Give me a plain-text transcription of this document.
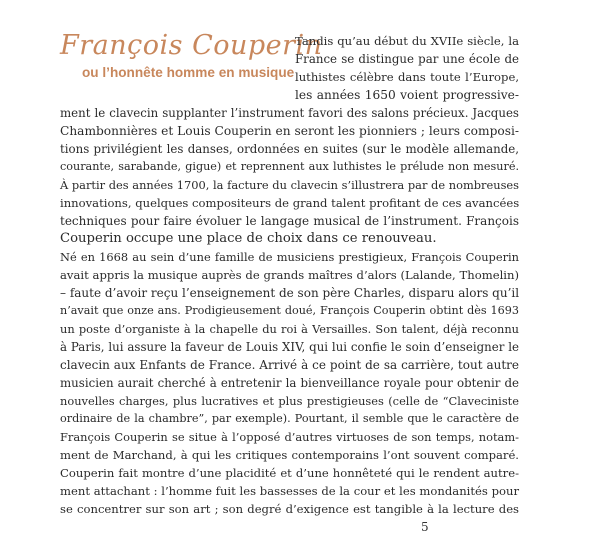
François Couperin
ou l’honnête homme en musique
Tandis qu’au début du XVIIe siècle, la
France se distingue par une école de
luthistes célèbre dans toute l’Europe,
les années 1650 voient progressive-
ment le clavecin supplanter l’instrument favori des salons précieux. Jacques
Chambonnières et Louis Couperin en seront les pionniers ; leurs composi-
tions privilégient les danses, ordonnées en suites (sur le modèle allemande,
courante, sarabande, gigue) et reprennent aux luthistes le prélude non mesuré.
À partir des années 1700, la facture du clavecin s’illustrera par de nombreuses
innovations, quelques compositeurs de grand talent profitant de ces avancées
techniques pour faire évoluer le langage musical de l’instrument. François
Couperin occupe une place de choix dans ce renouveau.
Né en 1668 au sein d’une famille de musiciens prestigieux, François Couperin
avait appris la musique auprès de grands maîtres d’alors (Lalande, Thomelin)
– faute d’avoir reçu l’enseignement de son père Charles, disparu alors qu’il
n’avait que onze ans. Prodigieusement doué, François Couperin obtint dès 1693
un poste d’organiste à la chapelle du roi à Versailles. Son talent, déjà reconnu
à Paris, lui assure la faveur de Louis XIV, qui lui confie le soin d’enseigner le
clavecin aux Enfants de France. Arrivé à ce point de sa carrière, tout autre
musicien aurait cherché à entretenir la bienveillance royale pour obtenir de
nouvelles charges, plus lucratives et plus prestigieuses (celle de “Claveciniste
ordinaire de la chambre”, par exemple). Pourtant, il semble que le caractère de
François Couperin se situe à l’opposé d’autres virtuoses de son temps, notam-
ment de Marchand, à qui les critiques contemporains l’ont souvent comparé.
Couperin fait montre d’une placidité et d’une honnêteté qui le rendent autre-
ment attachant : l’homme fuit les bassesses de la cour et les mondanités pour
se concentrer sur son art ; son degré d’exigence est tangible à la lecture des
5
